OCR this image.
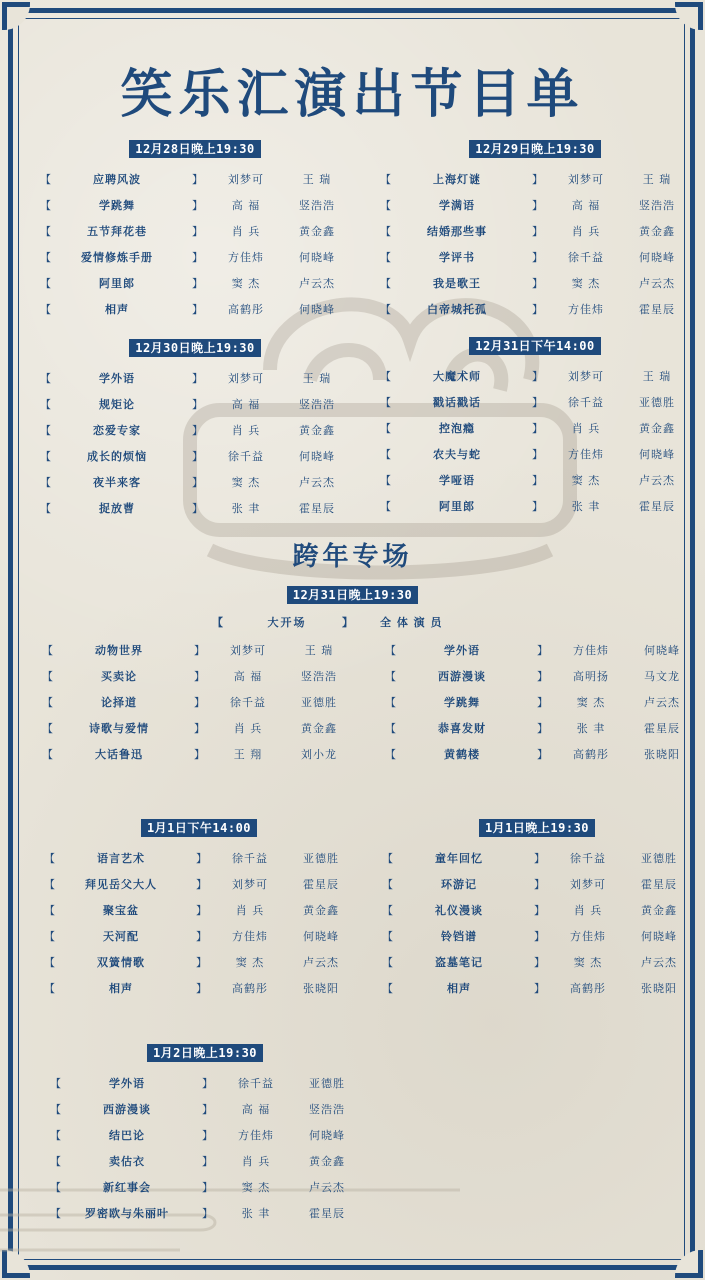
笑乐汇演出节目单
12月28日晚上19:30
【	应聘风波	】	刘梦可	王 瑞
【	学跳舞	】	高 福	竖浩浩
【	五节拜花巷	】	肖 兵	黄金鑫
【	爱情修炼手册	】	方佳炜	何晓峰
【	阿里郎	】	窦 杰	卢云杰
【	相声	】	高鹤彤	何晓峰
12月29日晚上19:30
【	上海灯谜	】	刘梦可	王 瑞
【	学满语	】	高 福	竖浩浩
【	结婚那些事	】	肖 兵	黄金鑫
【	学评书	】	徐千益	何晓峰
【	我是歌王	】	窦 杰	卢云杰
【	白帝城托孤	】	方佳炜	霍星辰
12月30日晚上19:30
【	学外语	】	刘梦可	王 瑞
【	规矩论	】	高 福	竖浩浩
【	恋爱专家	】	肖 兵	黄金鑫
【	成长的烦恼	】	徐千益	何晓峰
【	夜半来客	】	窦 杰	卢云杰
【	捉放曹	】	张 聿	霍星辰
12月31日下午14:00
【	大魔术师	】	刘梦可	王 瑞
【	戳话戳话	】	徐千益	亚德胜
【	控泡瘾	】	肖 兵	黄金鑫
【	农夫与蛇	】	方佳炜	何晓峰
【	学哑语	】	窦 杰	卢云杰
【	阿里郎	】	张 聿	霍星辰
跨年专场
12月31日晚上19:30
【	大开场	】 全 体 演 员
【	动物世界	】	刘梦可	王 瑞
【	买卖论	】	高 福	竖浩浩
【	论择道	】	徐千益	亚德胜
【	诗歌与爱情	】	肖 兵	黄金鑫
【	大话鲁迅	】	王 翔	刘小龙
【	学外语	】	方佳炜	何晓峰
【	西游漫谈	】	高明扬	马文龙
【	学跳舞	】	窦 杰	卢云杰
【	恭喜发财	】	张 聿	霍星辰
【	黄鹤楼	】	高鹤彤	张晓阳
1月1日下午14:00
【	语言艺术	】	徐千益	亚德胜
【	拜见岳父大人	】	刘梦可	霍星辰
【	聚宝盆	】	肖 兵	黄金鑫
【	天河配	】	方佳炜	何晓峰
【	双簧情歌	】	窦 杰	卢云杰
【	相声	】	高鹤彤	张晓阳
1月1日晚上19:30
【	童年回忆	】	徐千益	亚德胜
【	环游记	】	刘梦可	霍星辰
【	礼仪漫谈	】	肖 兵	黄金鑫
【	铃铛谱	】	方佳炜	何晓峰
【	盗墓笔记	】	窦 杰	卢云杰
【	相声	】	高鹤彤	张晓阳
1月2日晚上19:30
【	学外语	】	徐千益	亚德胜
【	西游漫谈	】	高 福	竖浩浩
【	结巴论	】	方佳炜	何晓峰
【	卖估衣	】	肖 兵	黄金鑫
【	新红事会	】	窦 杰	卢云杰
【	罗密欧与朱丽叶	】	张 聿	霍星辰
